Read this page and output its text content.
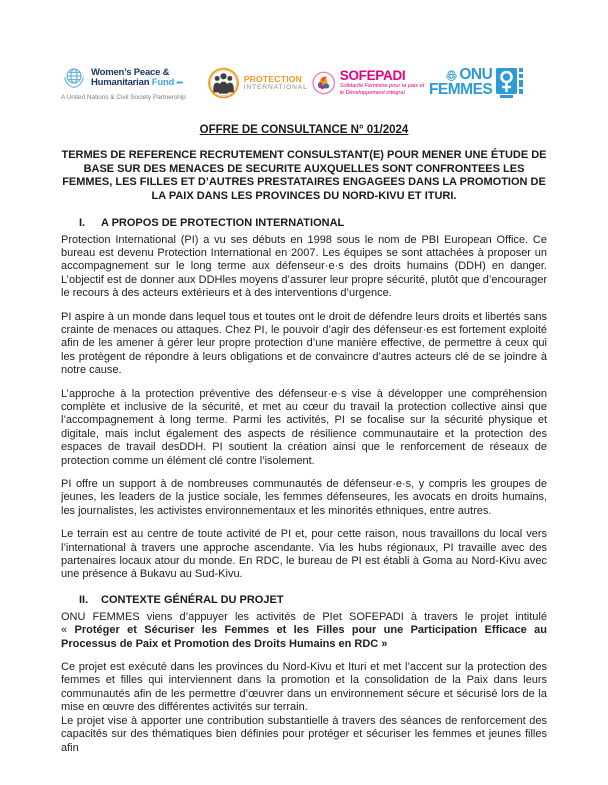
Women’s Peace &
Humanitarian Fund ▸▸▸
A United Nations & Civil Society Partnership
PROTECTION
INTERNATIONAL
SOFEPADI
Solidarité Féminine pour la paix et
le Développement intégral
ONU
FEMMES
OFFRE DE CONSULTANCE N° 01/2024
TERMES DE REFERENCE RECRUTEMENT CONSULSTANT(E) POUR MENER UNE ÉTUDE DE BASE SUR DES MENACES DE SECURITE AUXQUELLES SONT CONFRONTEES LES FEMMES, LES FILLES ET D’AUTRES PRESTATAIRES ENGAGEES DANS LA PROMOTION DE LA PAIX DANS LES PROVINCES DU NORD-KIVU ET ITURI.
I.	A PROPOS DE PROTECTION INTERNATIONAL

Protection International (PI) a vu ses débuts en 1998 sous le nom de PBI European Office. Ce bureau est devenu Protection International en 2007. Les équipes se sont attachées à proposer un accompagnement sur le long terme aux défenseur·e·s des droits humains (DDH) en danger. L’objectif est de donner aux DDHles moyens d’assurer leur propre sécurité, plutôt que d’encourager le recours à des acteurs extérieurs et à des interventions d’urgence.

PI aspire à un monde dans lequel tous et toutes ont le droit de défendre leurs droits et libertés sans crainte de menaces ou attaques. Chez PI, le pouvoir d’agir des défenseur·es est fortement exploité afin de les amener à gérer leur propre protection d’une manière effective, de permettre à ceux qui les protègent de répondre à leurs obligations et de convaincre d’autres acteurs clé de se joindre à notre cause.

L’approche à la protection préventive des défenseur·e·s vise à développer une compréhension complète et inclusive de la sécurité, et met au cœur du travail la protection collective ainsi que l’accompagnement à long terme. Parmi les activités, PI se focalise sur la sécurité physique et digitale, mais inclut également des aspects de résilience communautaire et la protection des espaces de travail desDDH. PI soutient la création ainsi que le renforcement de réseaux de protection comme un élément clé contre l’isolement.

PI offre un support à de nombreuses communautés de défenseur·e·s, y compris les groupes de jeunes, les leaders de la justice sociale, les femmes défenseures, les avocats en droits humains, les journalistes, les activistes environnementaux et les minorités ethniques, entre autres.

Le terrain est au centre de toute activité de PI et, pour cette raison, nous travaillons du local vers l’international à travers une approche ascendante. Via les hubs régionaux, PI travaille avec des partenaires locaux atour du monde. En RDC, le bureau de PI est établi à Goma au Nord-Kivu avec une présence à Bukavu au Sud-Kivu.

II.	CONTEXTE GÉNÉRAL DU PROJET

ONU FEMMES viens d’appuyer les activités de PIet SOFEPADI à travers le projet intitulé « Protéger et Sécuriser les Femmes et les Filles pour une Participation Efficace au Processus de Paix et Promotion des Droits Humains en RDC »

Ce projet est exécuté dans les provinces du Nord-Kivu et Ituri et met l’accent sur la protection des femmes et filles qui interviennent dans la promotion et la consolidation de la Paix dans leurs communautés afin de les permettre d’œuvrer dans un environnement sécure et sécurisé lors de la mise en œuvre des différentes activités sur terrain.

Le projet vise à apporter une contribution substantielle à travers des séances de renforcement des capacités sur des thématiques bien définies pour protéger et sécuriser les femmes et jeunes filles afin
